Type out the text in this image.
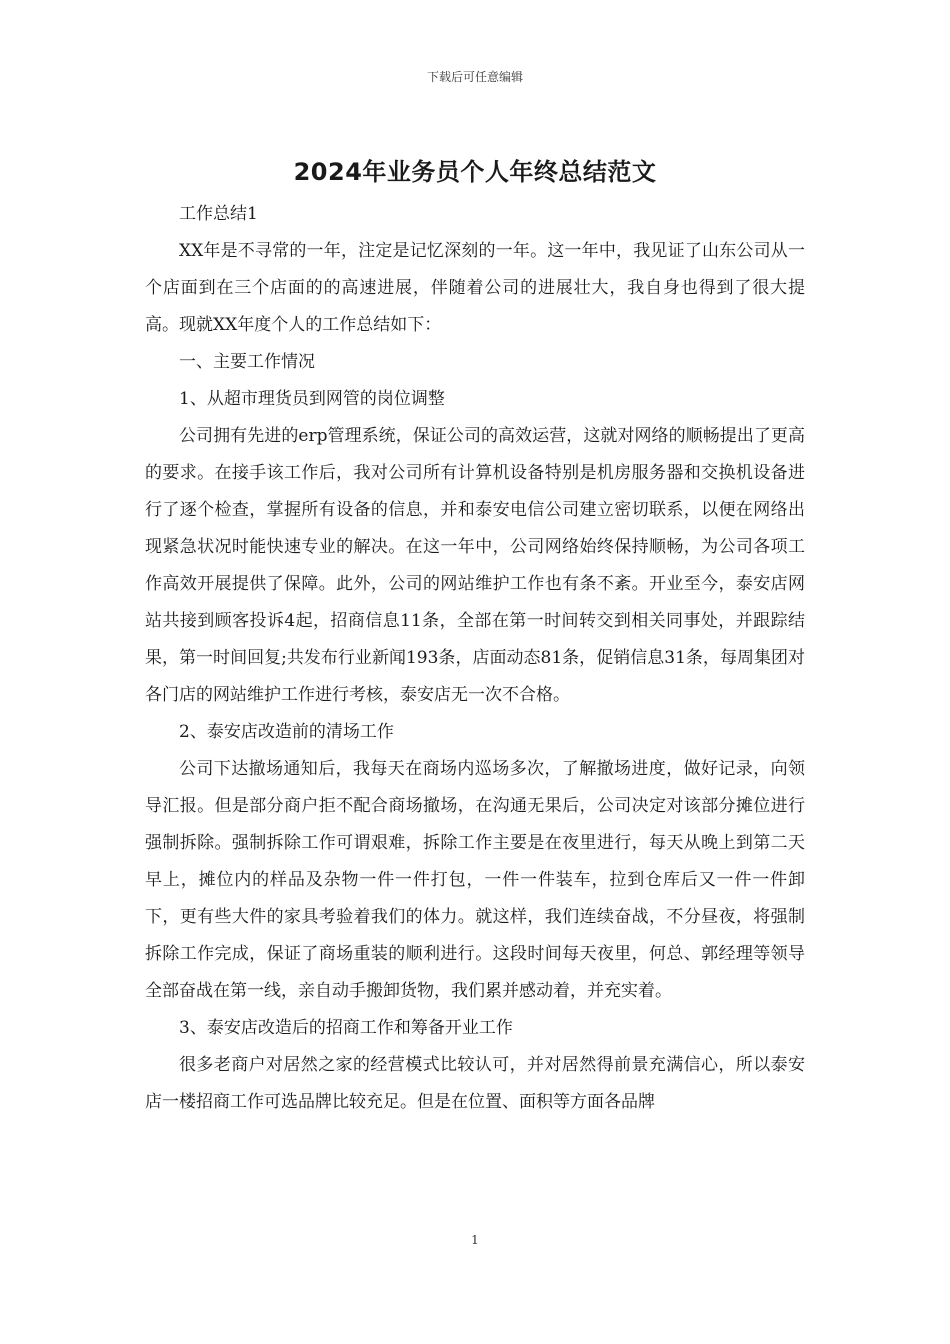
下载后可任意编辑
2024年业务员个人年终总结范文

工作总结1

XX年是不寻常的一年，注定是记忆深刻的一年。这一年中，我见证了山东公司从一个店面到在三个店面的的高速进展，伴随着公司的进展壮大，我自身也得到了很大提高。现就XX年度个人的工作总结如下：

一、主要工作情况

1、从超市理货员到网管的岗位调整

公司拥有先进的erp管理系统，保证公司的高效运营，这就对网络的顺畅提出了更高的要求。在接手该工作后，我对公司所有计算机设备特别是机房服务器和交换机设备进行了逐个检查，掌握所有设备的信息，并和泰安电信公司建立密切联系，以便在网络出现紧急状况时能快速专业的解决。在这一年中，公司网络始终保持顺畅，为公司各项工作高效开展提供了保障。此外，公司的网站维护工作也有条不紊。开业至今，泰安店网站共接到顾客投诉4起，招商信息11条，全部在第一时间转交到相关同事处，并跟踪结果，第一时间回复;共发布行业新闻193条，店面动态81条，促销信息31条，每周集团对各门店的网站维护工作进行考核，泰安店无一次不合格。

2、泰安店改造前的清场工作

公司下达撤场通知后，我每天在商场内巡场多次，了解撤场进度，做好记录，向领导汇报。但是部分商户拒不配合商场撤场，在沟通无果后，公司决定对该部分摊位进行强制拆除。强制拆除工作可谓艰难，拆除工作主要是在夜里进行，每天从晚上到第二天早上，摊位内的样品及杂物一件一件打包，一件一件装车，拉到仓库后又一件一件卸下，更有些大件的家具考验着我们的体力。就这样，我们连续奋战，不分昼夜，将强制拆除工作完成，保证了商场重装的顺利进行。这段时间每天夜里，何总、郭经理等领导全部奋战在第一线，亲自动手搬卸货物，我们累并感动着，并充实着。

3、泰安店改造后的招商工作和筹备开业工作

很多老商户对居然之家的经营模式比较认可，并对居然得前景充满信心，所以泰安店一楼招商工作可选品牌比较充足。但是在位置、面积等方面各品牌

1
